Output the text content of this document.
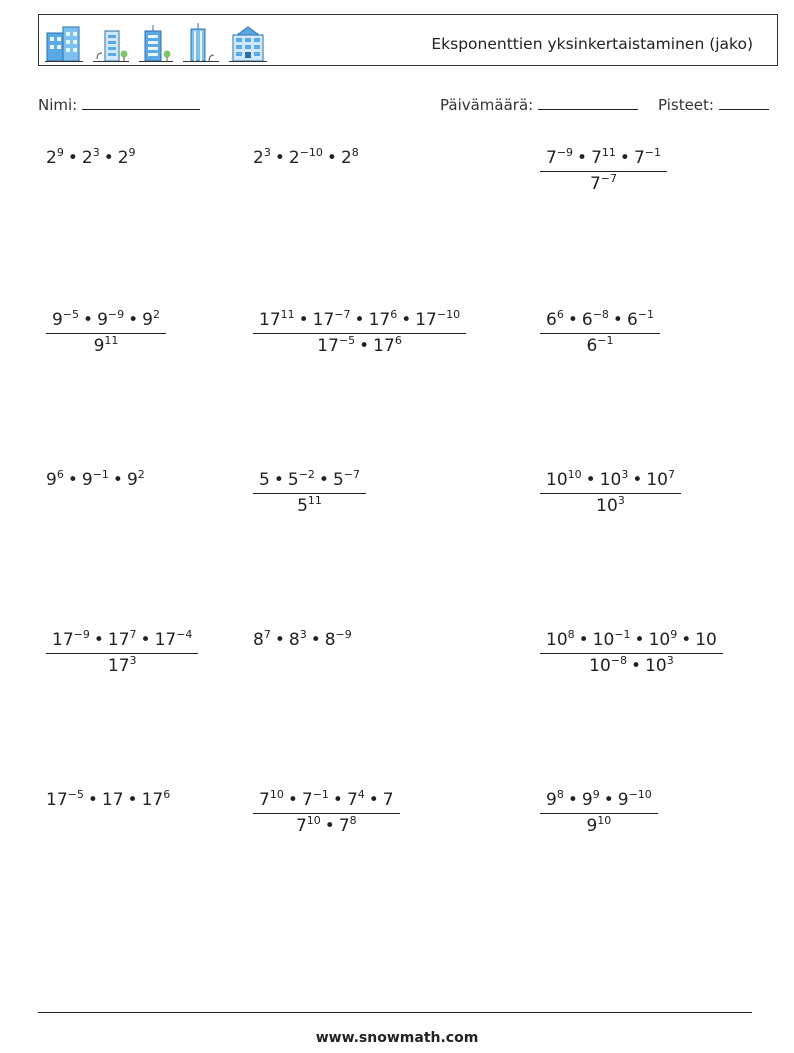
Eksponenttien yksinkertaistaminen (jako)
Nimi:	Päivämäärä:	Pisteet:
$2^9$ • $2^3$ • $2^9$	$2^3$ • $2^{-10}$ • $2^8$	$\frac{7^{-9} • 7^{11} • 7^{-1}}{7^{-7}}$
$\frac{9^{-5} • 9^{-9} • 9^2}{9^{11}}$	$\frac{17^{11} • 17^{-7} • 17^6 • 17^{-10}}{17^{-5} • 17^6}$	$\frac{6^6 • 6^{-8} • 6^{-1}}{6^{-1}}$
$9^6$ • $9^{-1}$ • $9^2$	$\frac{5 • 5^{-2} • 5^{-7}}{5^{11}}$	$\frac{10^{10} • 10^3 • 10^7}{10^3}$
$\frac{17^{-9} • 17^7 • 17^{-4}}{17^3}$	$8^7$ • $8^3$ • $8^{-9}$	$\frac{10^8 • 10^{-1} • 10^9 • 10}{10^{-8} • 10^3}$
$17^{-5}$ • 17 • $17^6$	$\frac{7^{10} • 7^{-1} • 7^4 • 7}{7^{10} • 7^8}$	$\frac{9^8 • 9^9 • 9^{-10}}{9^{10}}$
www.snowmath.com
